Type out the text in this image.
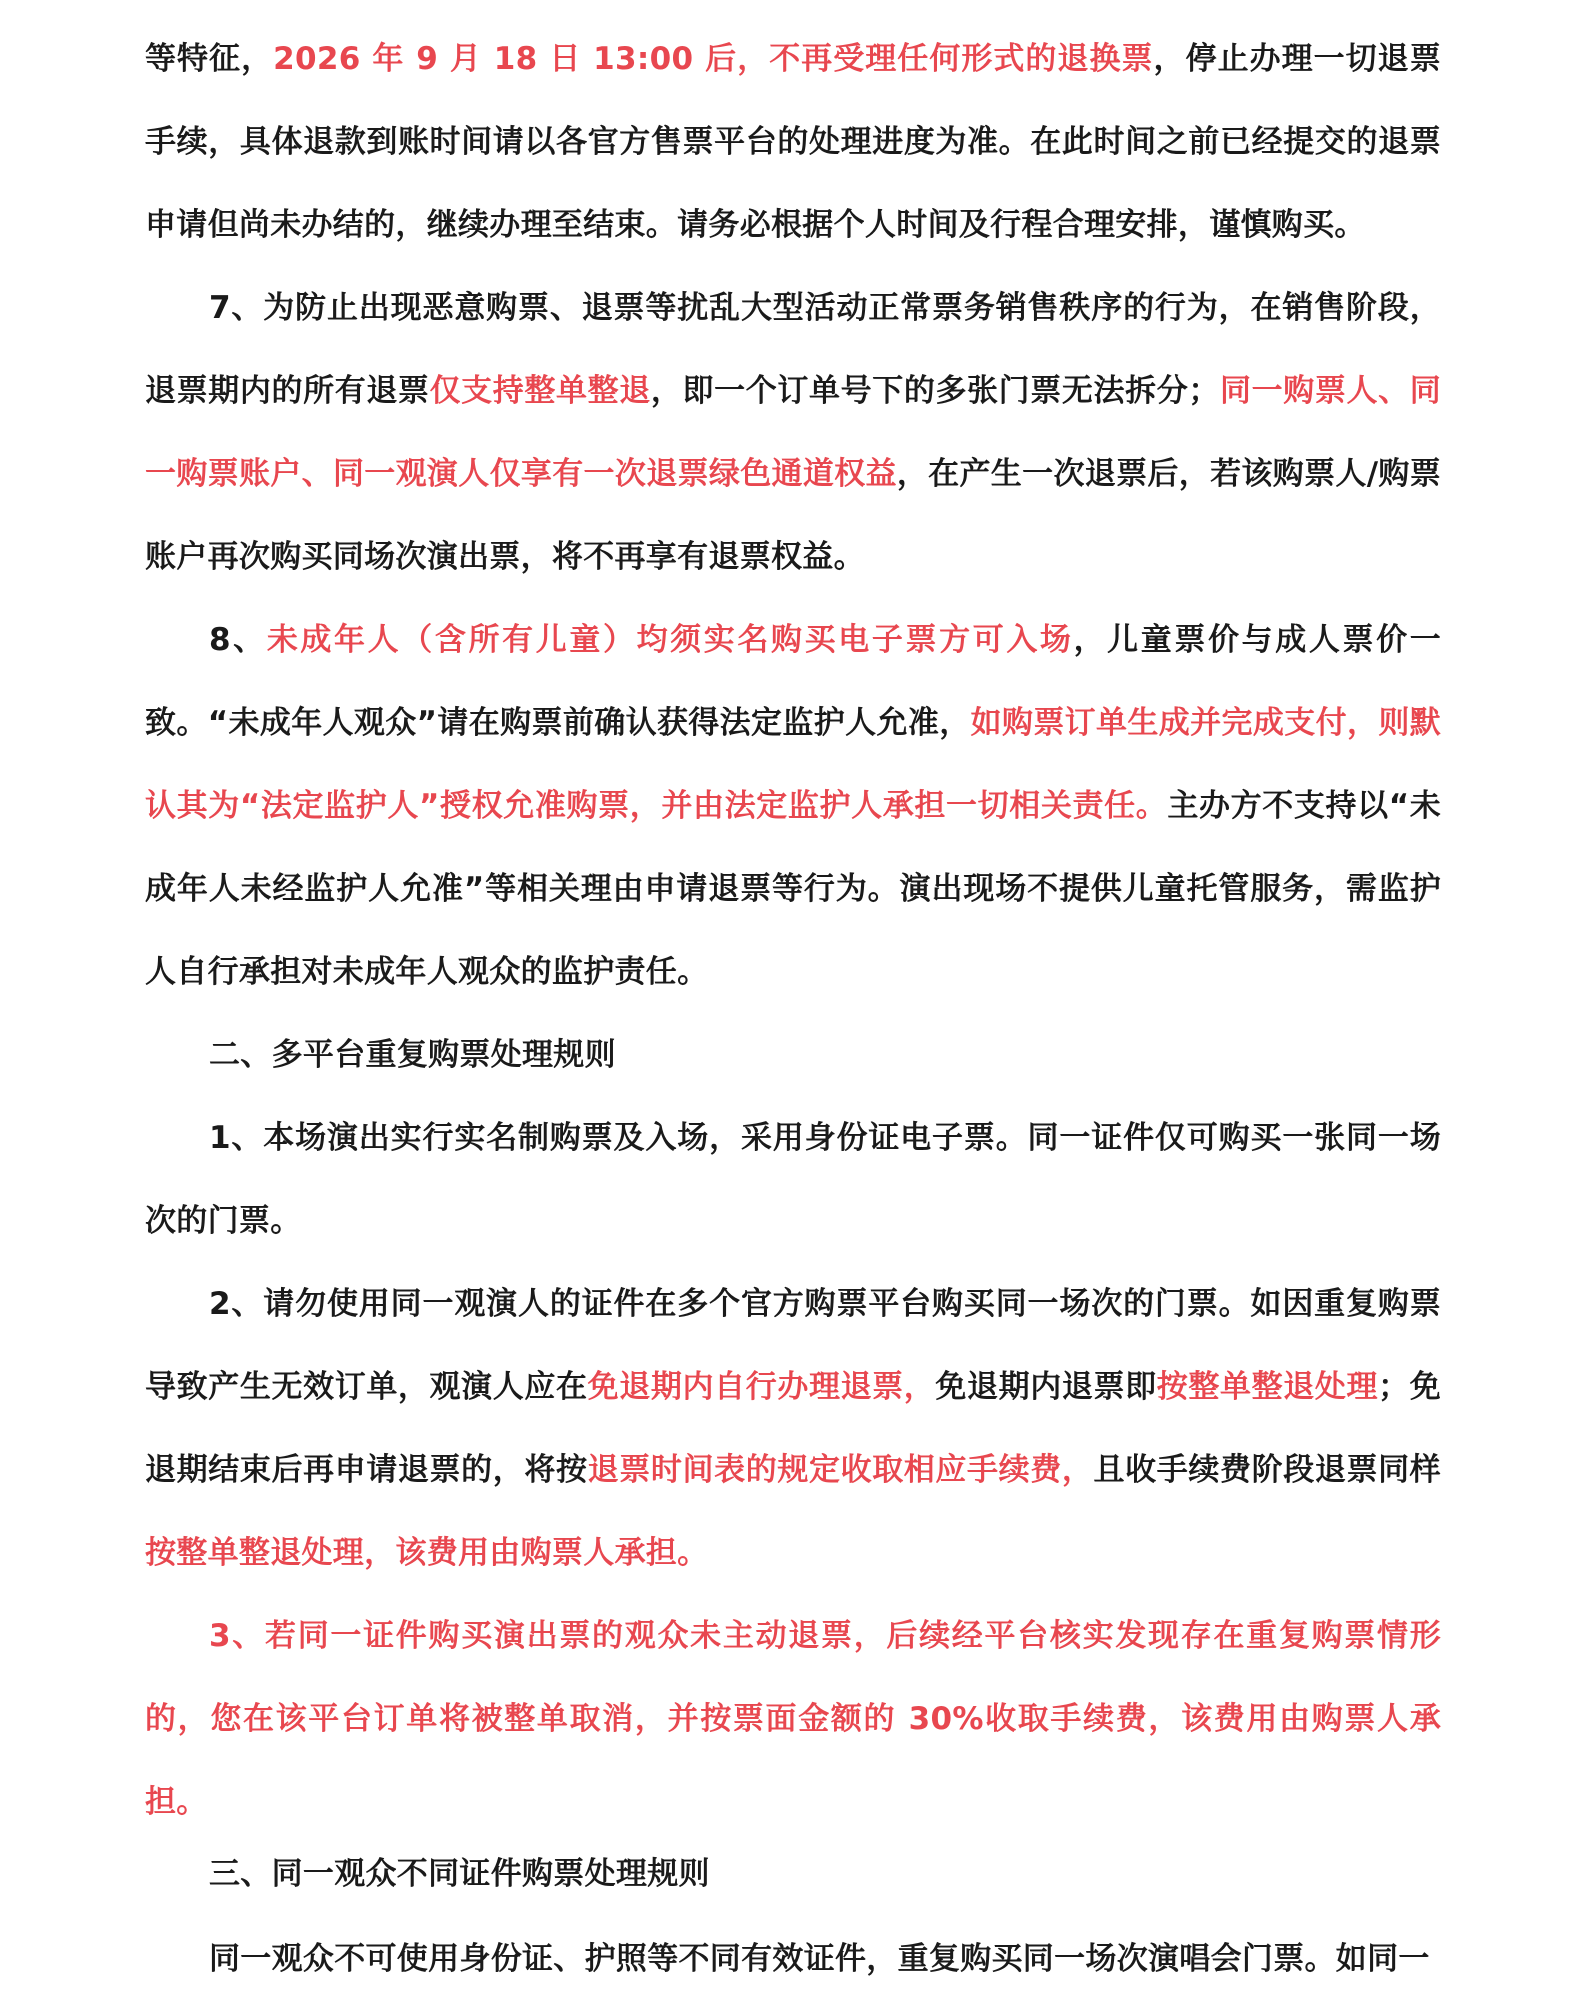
等特征，2026 年 9 月 18 日 13:00 后，不再受理任何形式的退换票，停止办理一切退票手续，具体退款到账时间请以各官方售票平台的处理进度为准。在此时间之前已经提交的退票申请但尚未办结的，继续办理至结束。请务必根据个人时间及行程合理安排，谨慎购买。

7、为防止出现恶意购票、退票等扰乱大型活动正常票务销售秩序的行为，在销售阶段，退票期内的所有退票仅支持整单整退，即一个订单号下的多张门票无法拆分；同一购票人、同一购票账户、同一观演人仅享有一次退票绿色通道权益，在产生一次退票后，若该购票人/购票账户再次购买同场次演出票，将不再享有退票权益。

8、未成年人（含所有儿童）均须实名购买电子票方可入场，儿童票价与成人票价一致。“未成年人观众”请在购票前确认获得法定监护人允准，如购票订单生成并完成支付，则默认其为“法定监护人”授权允准购票，并由法定监护人承担一切相关责任。主办方不支持以“未成年人未经监护人允准”等相关理由申请退票等行为。演出现场不提供儿童托管服务，需监护人自行承担对未成年人观众的监护责任。

二、多平台重复购票处理规则

1、本场演出实行实名制购票及入场，采用身份证电子票。同一证件仅可购买一张同一场次的门票。

2、请勿使用同一观演人的证件在多个官方购票平台购买同一场次的门票。如因重复购票导致产生无效订单，观演人应在免退期内自行办理退票，免退期内退票即按整单整退处理；免退期结束后再申请退票的，将按退票时间表的规定收取相应手续费，且收手续费阶段退票同样按整单整退处理，该费用由购票人承担。

3、若同一证件购买演出票的观众未主动退票，后续经平台核实发现存在重复购票情形的，您在该平台订单将被整单取消，并按票面金额的 30%收取手续费，该费用由购票人承担。

三、同一观众不同证件购票处理规则

同一观众不可使用身份证、护照等不同有效证件，重复购买同一场次演唱会门票。如同一
